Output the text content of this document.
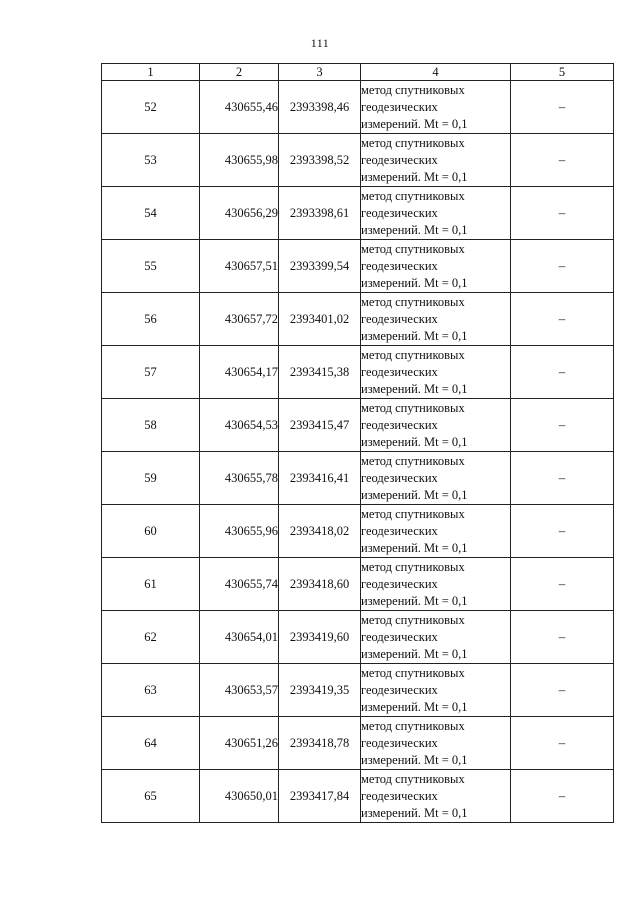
111
1	2	3	4	5
52	430655,46	2393398,46	метод спутниковых
геодезических
измерений. Mt = 0,1	–
53	430655,98	2393398,52	метод спутниковых
геодезических
измерений. Mt = 0,1	–
54	430656,29	2393398,61	метод спутниковых
геодезических
измерений. Mt = 0,1	–
55	430657,51	2393399,54	метод спутниковых
геодезических
измерений. Mt = 0,1	–
56	430657,72	2393401,02	метод спутниковых
геодезических
измерений. Mt = 0,1	–
57	430654,17	2393415,38	метод спутниковых
геодезических
измерений. Mt = 0,1	–
58	430654,53	2393415,47	метод спутниковых
геодезических
измерений. Mt = 0,1	–
59	430655,78	2393416,41	метод спутниковых
геодезических
измерений. Mt = 0,1	–
60	430655,96	2393418,02	метод спутниковых
геодезических
измерений. Mt = 0,1	–
61	430655,74	2393418,60	метод спутниковых
геодезических
измерений. Mt = 0,1	–
62	430654,01	2393419,60	метод спутниковых
геодезических
измерений. Mt = 0,1	–
63	430653,57	2393419,35	метод спутниковых
геодезических
измерений. Mt = 0,1	–
64	430651,26	2393418,78	метод спутниковых
геодезических
измерений. Mt = 0,1	–
65	430650,01	2393417,84	метод спутниковых
геодезических
измерений. Mt = 0,1	–
